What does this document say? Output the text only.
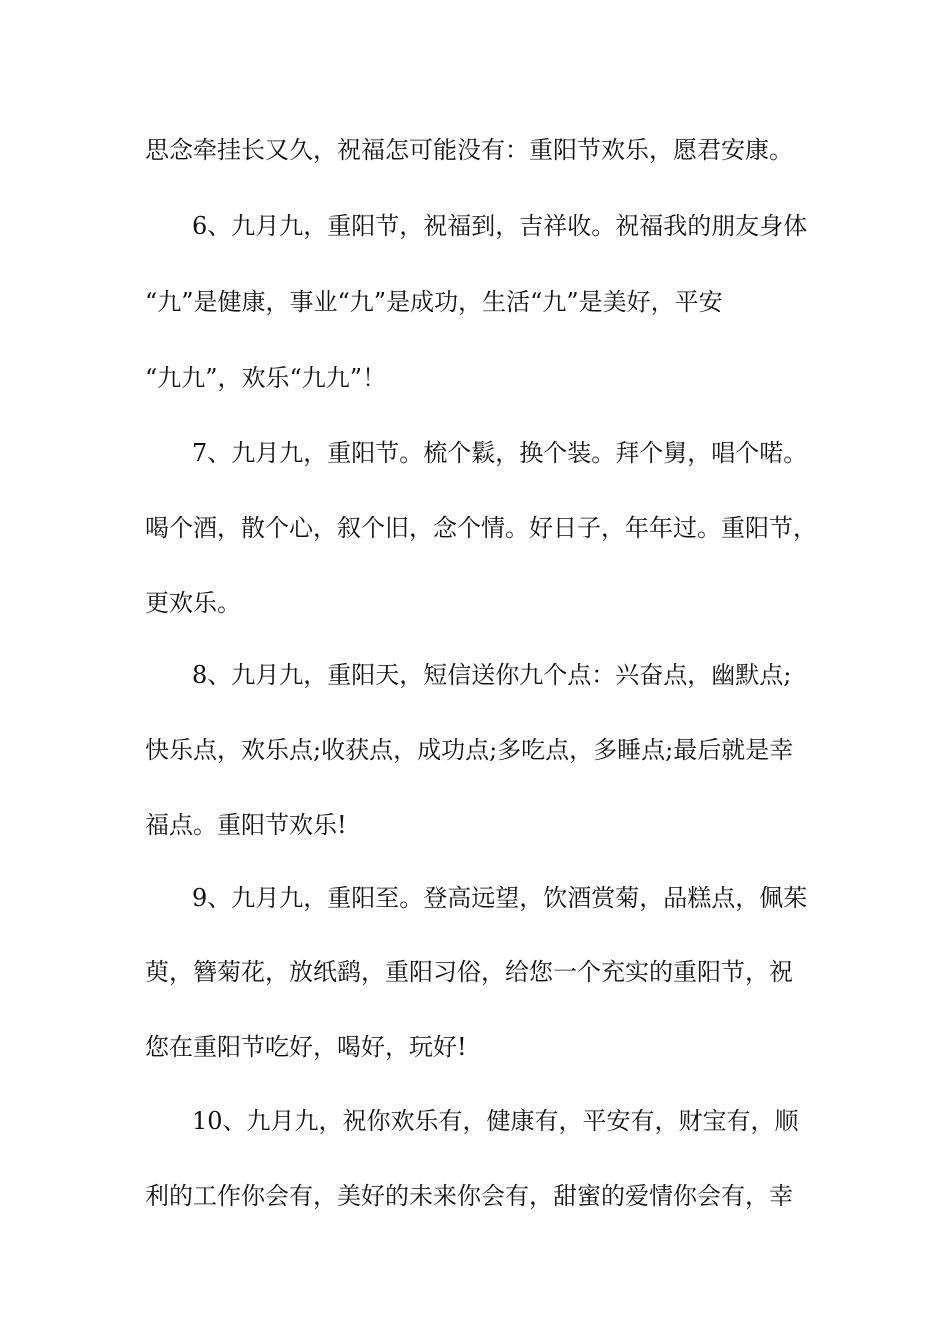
思念牵挂长又久，祝福怎可能没有：重阳节欢乐，愿君安康。
6、九月九，重阳节，祝福到，吉祥收。祝福我的朋友身体
“九”是健康，事业“九”是成功，生活“九”是美好，平安
“九九”，欢乐“九九”！
7、九月九，重阳节。梳个鬏，换个装。拜个舅，唱个喏。
喝个酒，散个心，叙个旧，念个情。好日子，年年过。重阳节，
更欢乐。
8、九月九，重阳天，短信送你九个点：兴奋点，幽默点;
快乐点，欢乐点;收获点，成功点;多吃点，多睡点;最后就是幸
福点。重阳节欢乐!
9、九月九，重阳至。登高远望，饮酒赏菊，品糕点，佩茱
萸，簪菊花，放纸鹞，重阳习俗，给您一个充实的重阳节，祝
您在重阳节吃好，喝好，玩好!
10、九月九，祝你欢乐有，健康有，平安有，财宝有，顺
利的工作你会有，美好的未来你会有，甜蜜的爱情你会有，幸
